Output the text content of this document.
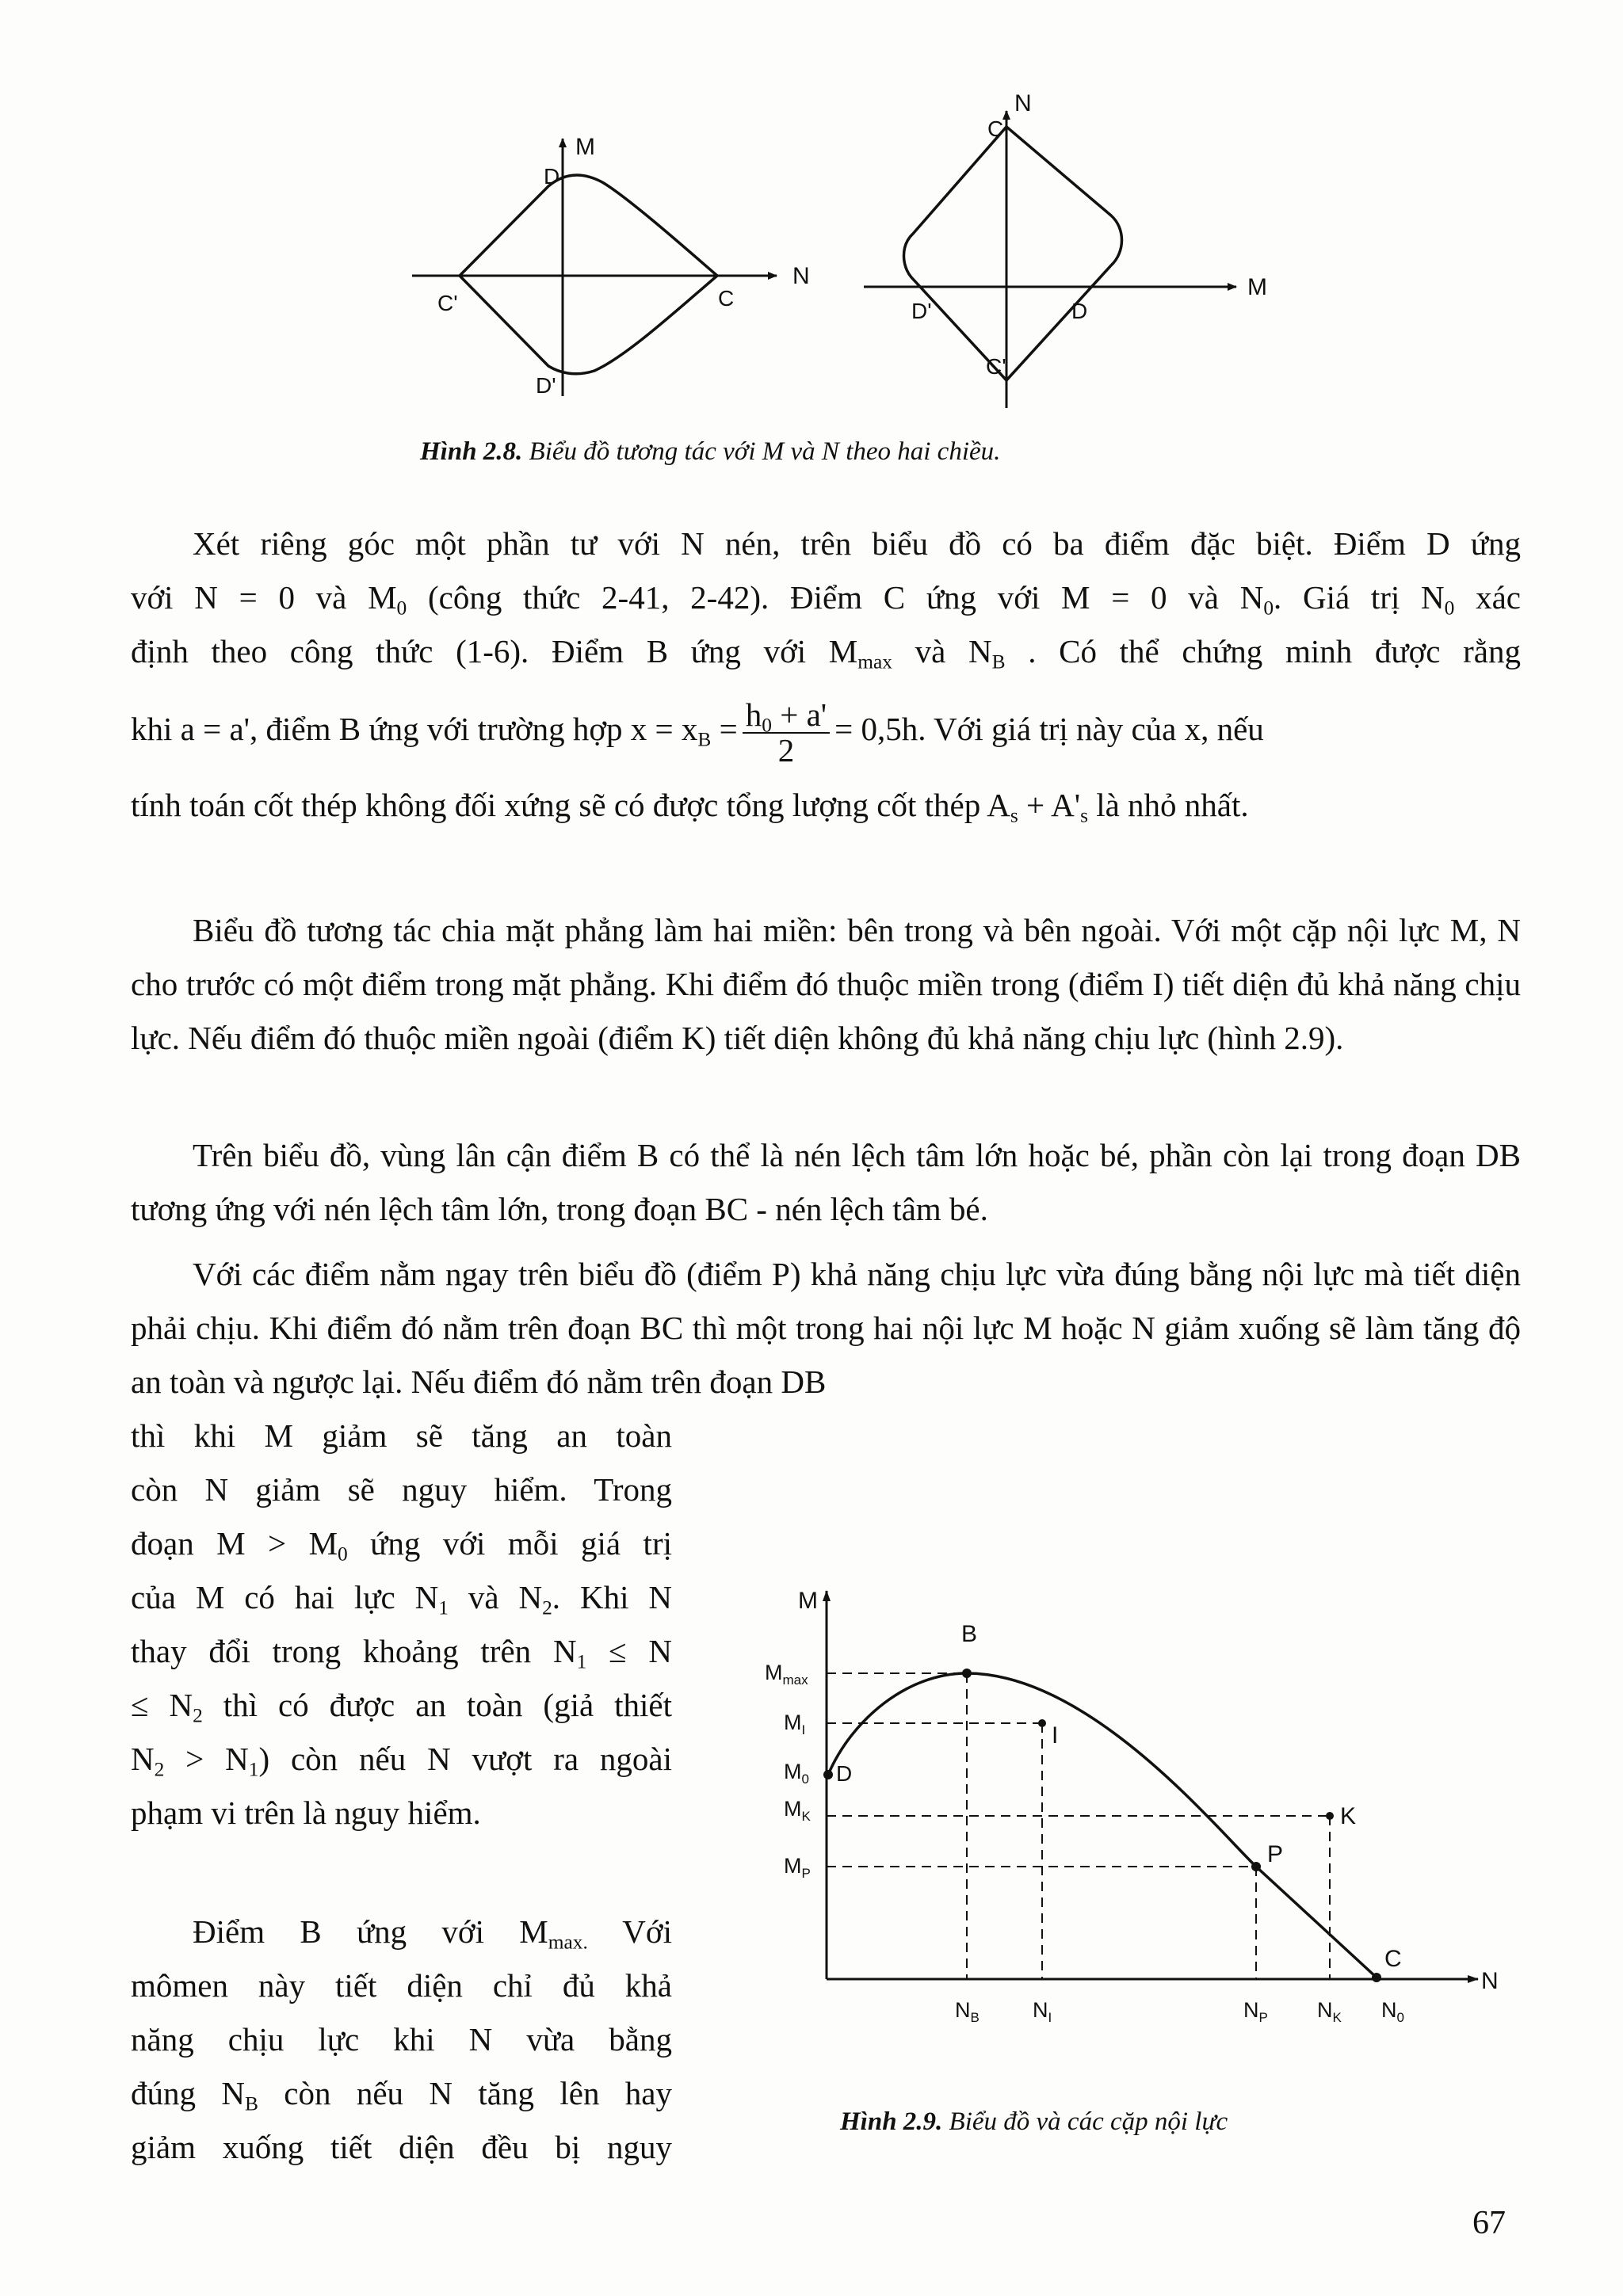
M
D
N
C'	C
D'
N
C
M
D'	D
C'
Hình 2.8. Biểu đồ tương tác với M và N theo hai chiều.
Xét riêng góc một phần tư với N nén, trên biểu đồ có ba điểm đặc biệt. Điểm D ứng
với N = 0 và $M_0$ (công thức 2-41, 2-42). Điểm C ứng với M = 0 và $N_0$. Giá trị $N_0$ xác
định theo công thức (1-6). Điểm B ứng với $M_{max}$ và $N_B$ . Có thể chứng minh được rằng
khi a = a', điểm B ứng với trường hợp $x = x_B = \frac{h_0 + a'}{2} = 0,5h$. Với giá trị này của x, nếu
tính toán cốt thép không đối xứng sẽ có được tổng lượng cốt thép $A_s + A'_s$ là nhỏ nhất.

Biểu đồ tương tác chia mặt phẳng làm hai miền: bên trong và bên ngoài. Với một cặp nội lực M, N cho trước có một điểm trong mặt phẳng. Khi điểm đó thuộc miền trong (điểm I) tiết diện đủ khả năng chịu lực. Nếu điểm đó thuộc miền ngoài (điểm K) tiết diện không đủ khả năng chịu lực (hình 2.9).

Trên biểu đồ, vùng lân cận điểm B có thể là nén lệch tâm lớn hoặc bé, phần còn lại trong đoạn DB tương ứng với nén lệch tâm lớn, trong đoạn BC - nén lệch tâm bé.

Với các điểm nằm ngay trên biểu đồ (điểm P) khả năng chịu lực vừa đúng bằng nội lực mà tiết diện phải chịu. Khi điểm đó nằm trên đoạn BC thì một trong hai nội lực M hoặc N giảm xuống sẽ làm tăng độ an toàn và ngược lại. Nếu điểm đó nằm trên đoạn DB

thì khi M giảm sẽ tăng an toàn
còn N giảm sẽ nguy hiểm. Trong
đoạn $M > M_0$ ứng với mỗi giá trị
của M có hai lực $N_1$ và $N_2$. Khi N
thay đổi trong khoảng trên $N_1 \le N$
≤ $N_2$ thì có được an toàn (giả thiết
$N_2 > N_1$) còn nếu N vượt ra ngoài
phạm vi trên là nguy hiểm.
Điểm B ứng với $M_{max.}$ Với
mômen này tiết diện chỉ đủ khả
năng chịu lực khi N vừa bằng
đúng $N_B$ còn nếu N tăng lên hay
giảm xuống tiết diện đều bị nguy
M
N
$M_{max}$
$M_I$
$M_0$
$M_K$
$M_P$
$N_B$ $N_I$	$N_P$ $N_K$ $N_0$
B
I
D
K
P
C
Hình 2.9. Biểu đồ và các cặp nội lực
67
